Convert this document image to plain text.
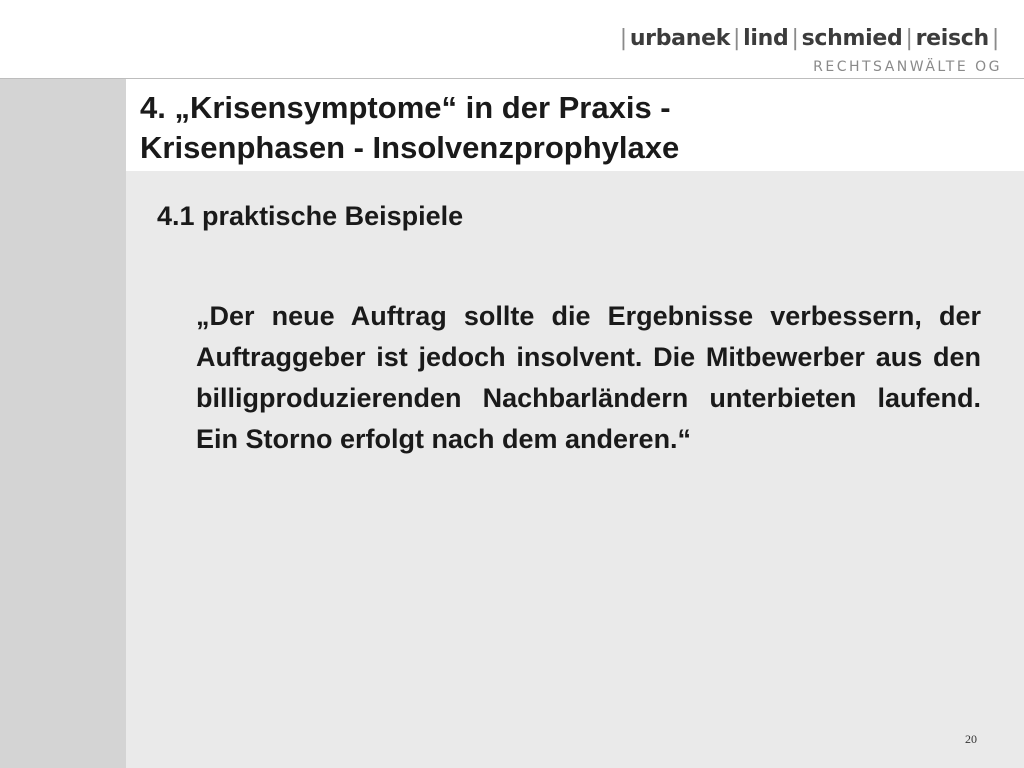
| urbanek | lind | schmied | reisch |
RECHTSANWÄLTE OG
4. „Krisensymptome“ in der Praxis - Krisenphasen - Insolvenzprophylaxe
4.1 praktische Beispiele

„Der neue Auftrag sollte die Ergebnisse verbessern, der Auftraggeber ist jedoch insolvent. Die Mitbewerber aus den billigproduzierenden Nachbarländern unterbieten laufend. Ein Storno erfolgt nach dem anderen.“

20
